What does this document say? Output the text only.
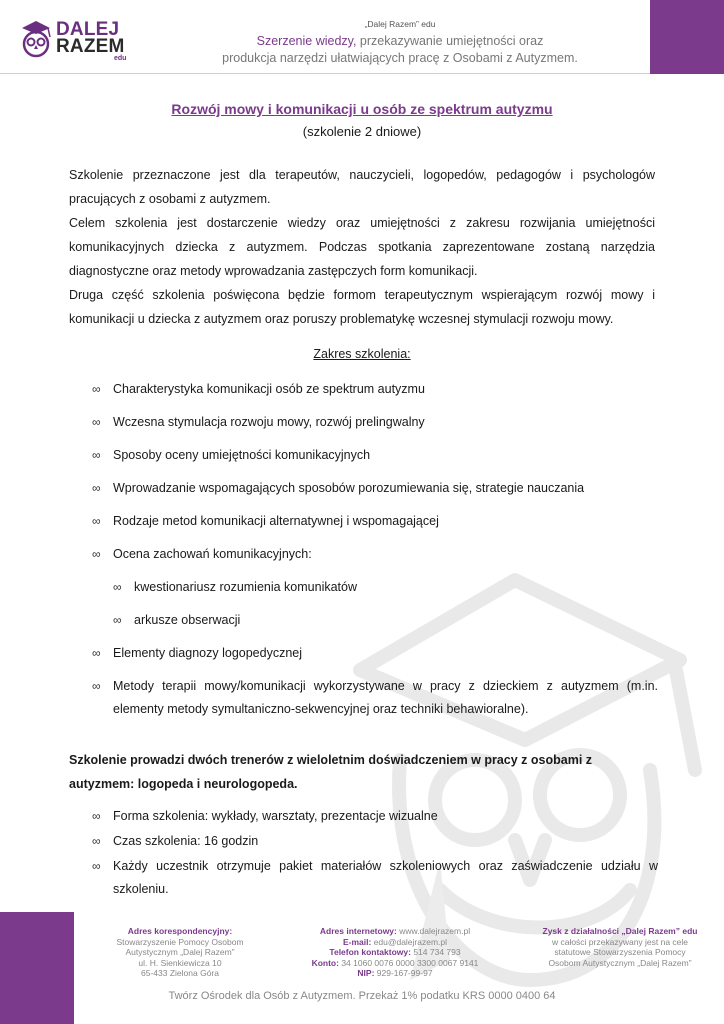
DALEJ
RAZEM
edu
„Dalej Razem” edu
Szerzenie wiedzy, przekazywanie umiejętności oraz
produkcja narzędzi ułatwiających pracę z Osobami z Autyzmem.
Rozwój mowy i komunikacji u osób ze spektrum autyzmu
(szkolenie 2 dniowe)

Szkolenie przeznaczone jest dla terapeutów, nauczycieli, logopedów, pedagogów i psychologów pracujących z osobami z autyzmem.

Celem szkolenia jest dostarczenie wiedzy oraz umiejętności z zakresu rozwijania umiejętności komunikacyjnych dziecka z autyzmem. Podczas spotkania zaprezentowane zostaną narzędzia diagnostyczne oraz metody wprowadzania zastępczych form komunikacji.

Druga część szkolenia poświęcona będzie formom terapeutycznym wspierającym rozwój mowy i komunikacji u dziecka z autyzmem oraz poruszy problematykę wczesnej stymulacji rozwoju mowy.

Zakres szkolenia:
∞ Charakterystyka komunikacji osób ze spektrum autyzmu
∞ Wczesna stymulacja rozwoju mowy, rozwój prelingwalny
∞ Sposoby oceny umiejętności komunikacyjnych
∞ Wprowadzanie wspomagających sposobów porozumiewania się, strategie nauczania
∞ Rodzaje metod komunikacji alternatywnej i wspomagającej
∞ Ocena zachowań komunikacyjnych:
∞ kwestionariusz rozumienia komunikatów
∞ arkusze obserwacji
∞ Elementy diagnozy logopedycznej
∞ Metody terapii mowy/komunikacji wykorzystywane w pracy z dzieckiem z autyzmem (m.in. elementy metody symultaniczno-sekwencyjnej oraz techniki behawioralne).
Szkolenie prowadzi dwóch trenerów z wieloletnim doświadczeniem w pracy z osobami z autyzmem: logopeda i neurologopeda.
∞ Forma szkolenia: wykłady, warsztaty, prezentacje wizualne
∞ Czas szkolenia: 16 godzin
∞ Każdy uczestnik otrzymuje pakiet materiałów szkoleniowych oraz zaświadczenie udziału w szkoleniu.
Adres korespondencyjny:
Stowarzyszenie Pomocy Osobom
Autystycznym „Dalej Razem”
ul. H. Sienkiewicza 10
65-433 Zielona Góra
Adres internetowy: www.dalejrazem.pl
E-mail: edu@dalejrazem.pl
Telefon kontaktowy: 514 734 793
Konto: 34 1060 0076 0000 3300 0067 9141
NIP: 929-167-99-97
Zysk z działalności „Dalej Razem” edu
w całości przekazywany jest na cele
statutowe Stowarzyszenia Pomocy
Osobom Autystycznym „Dalej Razem”
Twórz Ośrodek dla Osób z Autyzmem. Przekaż 1% podatku KRS 0000 0400 64
